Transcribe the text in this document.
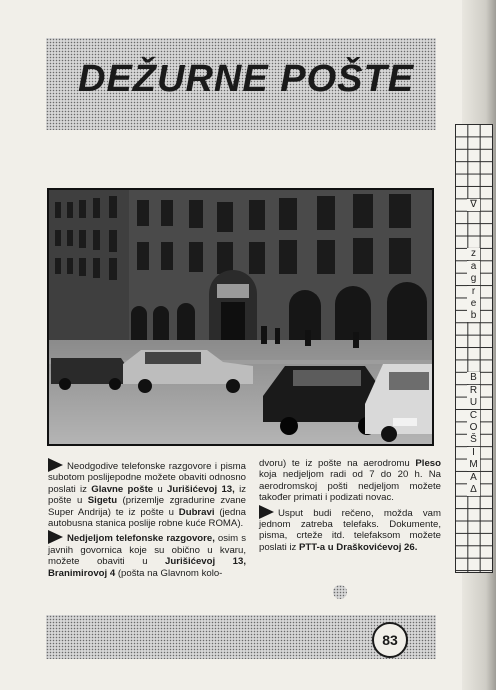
DEŽURNE POŠTE
∇
z
a
g
r
e
b
B
R
U
C
O
Š
I
M
A
Δ

Neodgodive telefonske razgovore i pisma subotom poslijepodne možete obaviti odnosno poslati iz Glavne pošte u Jurišićevoj 13, iz pošte u Sigetu (prizemlje zgradurine zvane Super Andrija) te iz pošte u Dubravi (jedna autobusna stanica poslije robne kuće ROMA).

Nedjeljom telefonske razgovore, osim s javnih govornica koje su obično u kvaru, možete obaviti u Jurišićevoj 13, Branimirovoj 4 (pošta na Glavnom kolo-

dvoru) te iz pošte na aerodromu Pleso koja nedjeljom radi od 7 do 20 h. Na aerodromskoj pošti nedjeljom možete također primati i podizati novac.

Usput budi rečeno, možda vam jednom zatreba telefaks. Dokumente, pisma, crteže itd. telefaksom možete poslati iz PTT-a u Draškovićevoj 26.

83
